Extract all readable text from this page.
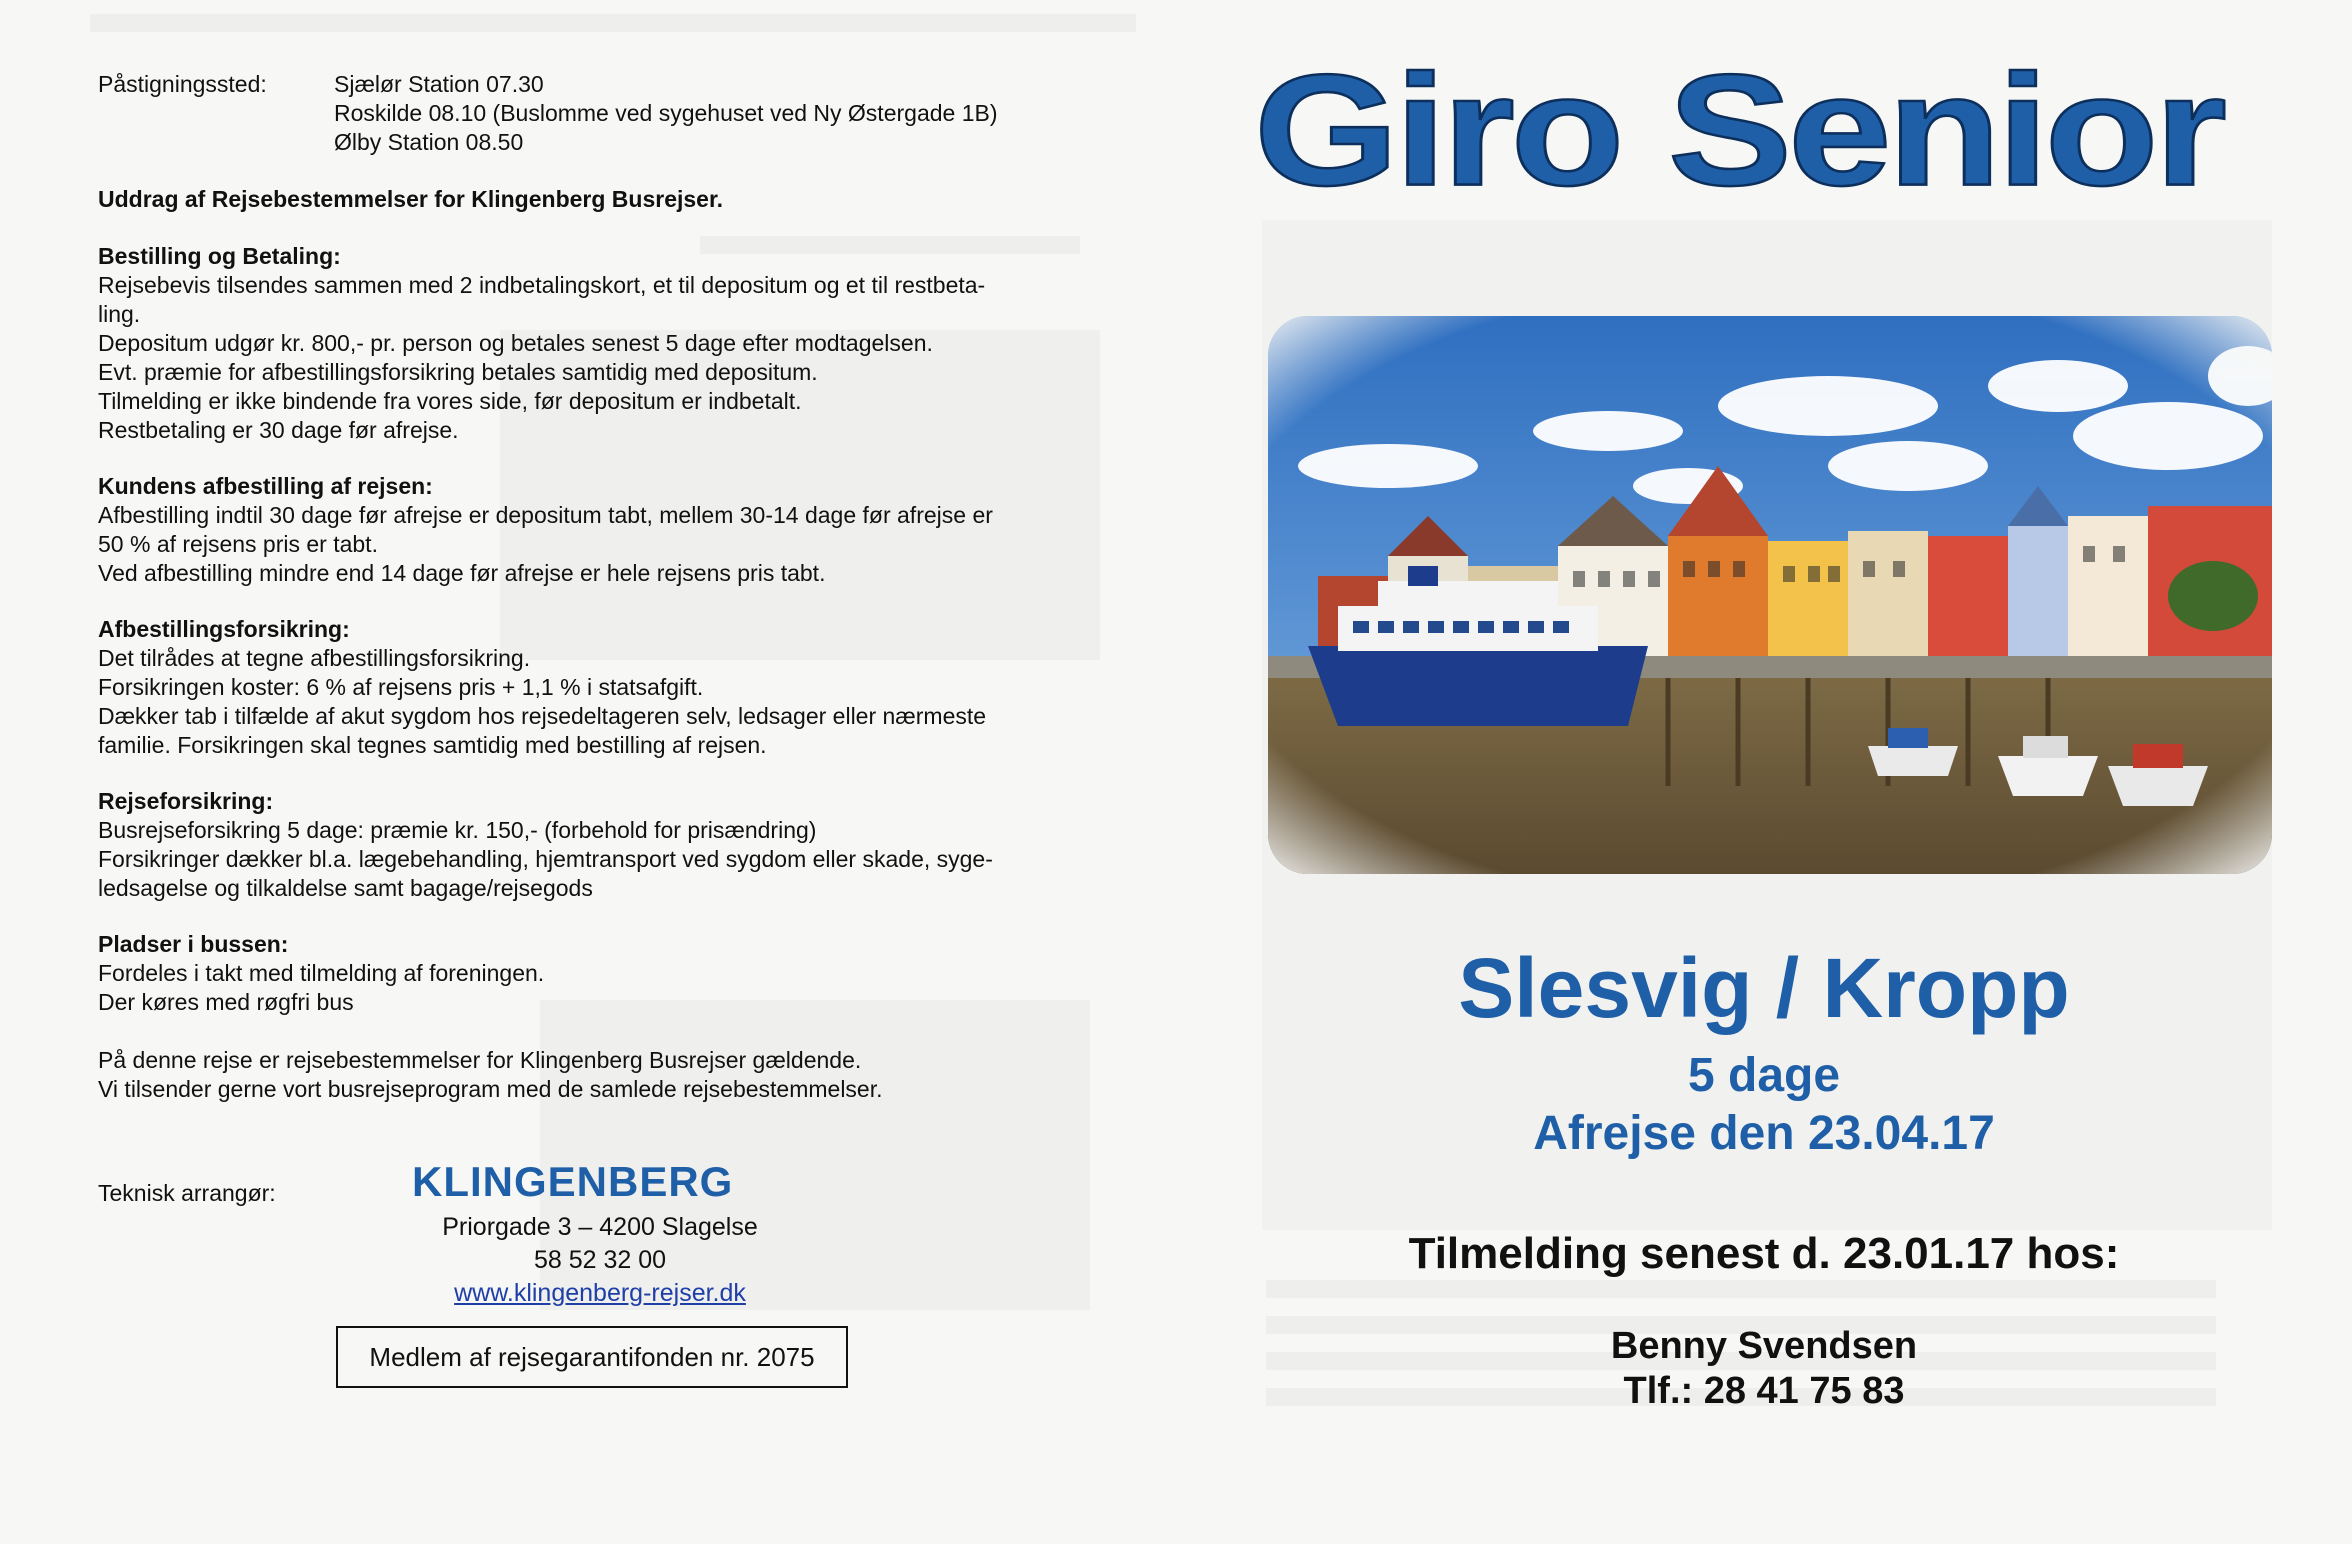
Påstigningssted:	Sjælør Station 07.30

Roskilde 08.10 (Buslomme ved sygehuset ved Ny Østergade 1B)

Ølby Station 08.50

Uddrag af Rejsebestemmelser for Klingenberg Busrejser.

Bestilling og Betaling:

Rejsebevis tilsendes sammen med 2 indbetalingskort, et til depositum og et til restbeta-

ling.

Depositum udgør kr. 800,- pr. person og betales senest 5 dage efter modtagelsen.

Evt. præmie for afbestillingsforsikring betales samtidig med depositum.

Tilmelding er ikke bindende fra vores side, før depositum er indbetalt.

Restbetaling er 30 dage før afrejse.

Kundens afbestilling af rejsen:

Afbestilling indtil 30 dage før afrejse er depositum tabt, mellem 30-14 dage før afrejse er

50 % af rejsens pris er tabt.

Ved afbestilling mindre end 14 dage før afrejse er hele rejsens pris tabt.

Afbestillingsforsikring:

Det tilrådes at tegne afbestillingsforsikring.

Forsikringen koster: 6 % af rejsens pris + 1,1 % i statsafgift.

Dækker tab i tilfælde af akut sygdom hos rejsedeltageren selv, ledsager eller nærmeste

familie. Forsikringen skal tegnes samtidig med bestilling af rejsen.

Rejseforsikring:

Busrejseforsikring 5 dage: præmie kr. 150,- (forbehold for prisændring)

Forsikringer dækker bl.a. lægebehandling, hjemtransport ved sygdom eller skade, syge-

ledsagelse og tilkaldelse samt bagage/rejsegods

Pladser i bussen:

Fordeles i takt med tilmelding af foreningen.

Der køres med røgfri bus

På denne rejse er rejsebestemmelser for Klingenberg Busrejser gældende.

Vi tilsender gerne vort busrejseprogram med de samlede rejsebestemmelser.

Teknisk arrangør:	KLINGENBERG
Priorgade 3 – 4200 Slagelse
58 52 32 00
www.klingenberg-rejser.dk
Medlem af rejsegarantifonden nr. 2075
Giro Senior
Slesvig / Kropp
5 dage
Afrejse den 23.04.17
Tilmelding senest d. 23.01.17 hos:
Benny Svendsen
Tlf.: 28 41 75 83
